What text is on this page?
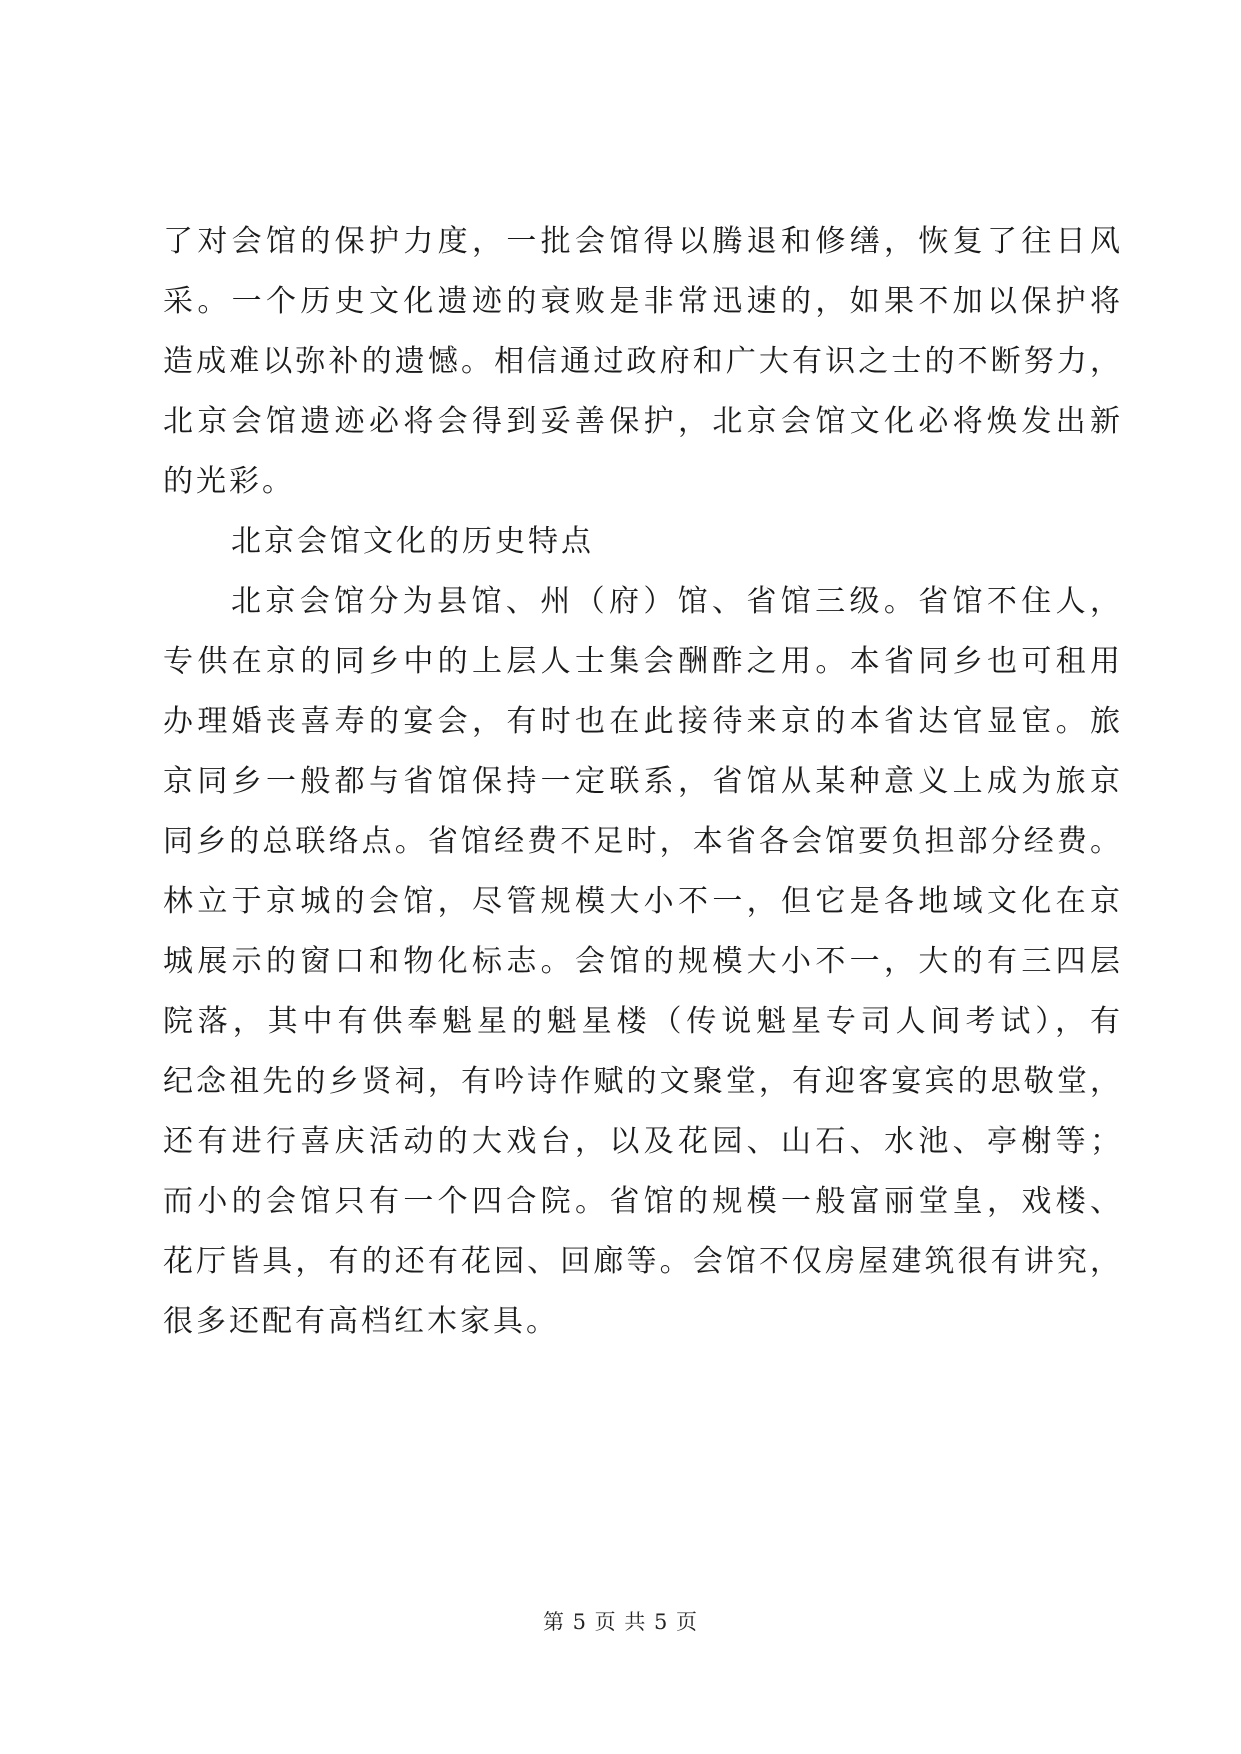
了对会馆的保护力度，一批会馆得以腾退和修缮，恢复了往日风
采。一个历史文化遗迹的衰败是非常迅速的，如果不加以保护将
造成难以弥补的遗憾。相信通过政府和广大有识之士的不断努力，
北京会馆遗迹必将会得到妥善保护，北京会馆文化必将焕发出新
的光彩。
北京会馆文化的历史特点
北京会馆分为县馆、州（府）馆、省馆三级。省馆不住人，
专供在京的同乡中的上层人士集会酬酢之用。本省同乡也可租用
办理婚丧喜寿的宴会，有时也在此接待来京的本省达官显宦。旅
京同乡一般都与省馆保持一定联系，省馆从某种意义上成为旅京
同乡的总联络点。省馆经费不足时，本省各会馆要负担部分经费。
林立于京城的会馆，尽管规模大小不一，但它是各地域文化在京
城展示的窗口和物化标志。会馆的规模大小不一，大的有三四层
院落，其中有供奉魁星的魁星楼（传说魁星专司人间考试），有
纪念祖先的乡贤祠，有吟诗作赋的文聚堂，有迎客宴宾的思敬堂，
还有进行喜庆活动的大戏台，以及花园、山石、水池、亭榭等；
而小的会馆只有一个四合院。省馆的规模一般富丽堂皇，戏楼、
花厅皆具，有的还有花园、回廊等。会馆不仅房屋建筑很有讲究，
很多还配有高档红木家具。
第 5 页 共 5 页
